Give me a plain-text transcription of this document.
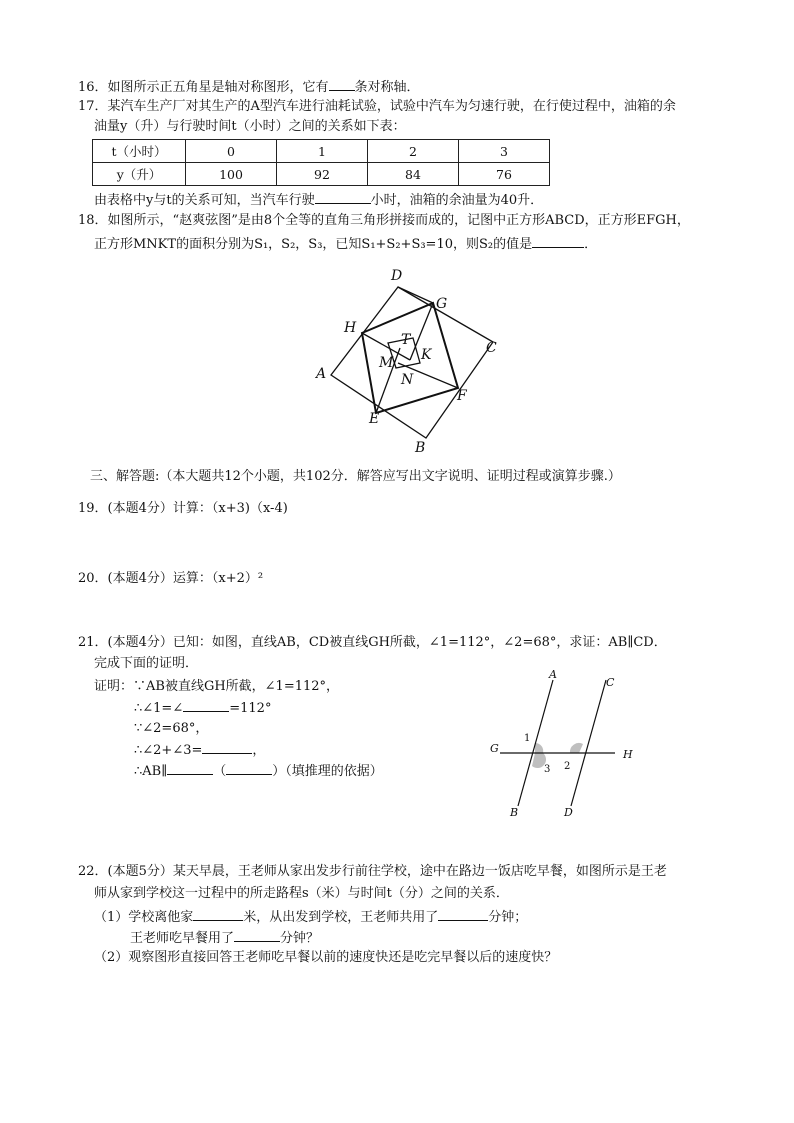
16．如图所示正五角星是轴对称图形，它有 条对称轴．
17．某汽车生产厂对其生产的A型汽车进行油耗试验，试验中汽车为匀速行驶，在行使过程中，油箱的余
油量y（升）与行驶时间t（小时）之间的关系如下表：
t（小时）	0	1	2	3
y（升）	100	92	84	76
由表格中y与t的关系可知，当汽车行驶	小时，油箱的余油量为40升．
18．如图所示，“赵爽弦图”是由8个全等的直角三角形拼接而成的，记图中正方形ABCD，正方形EFGH，
正方形MNKT的面积分别为S₁，S₂，S₃，已知S₁+S₂+S₃=10，则S₂的值是	．
D
G
H
T	C
K
M
N
A
F
E
B
三、解答题:（本大题共12个小题，共102分．解答应写出文字说明、证明过程或演算步骤.）
19．(本题4分）计算：（x+3)（x-4)
20．(本题4分）运算：（x+2）²
21．(本题4分）已知：如图，直线AB，CD被直线GH所截，∠1=112°，∠2=68°，求证：AB∥CD．
完成下面的证明．
证明：∵AB被直线GH所截，∠1=112°，
∴∠1=∠	=112°
∵∠2=68°，
∴∠2+∠3=	，
∴AB∥	（	）（填推理的依据）
A
C
G	H
B	D
1
2
3
22．(本题5分）某天早晨，王老师从家出发步行前往学校，途中在路边一饭店吃早餐，如图所示是王老
师从家到学校这一过程中的所走路程s（米）与时间t（分）之间的关系．
（1）学校离他家	米，从出发到学校，王老师共用了	分钟；
王老师吃早餐用了	分钟？
（2）观察图形直接回答王老师吃早餐以前的速度快还是吃完早餐以后的速度快？
